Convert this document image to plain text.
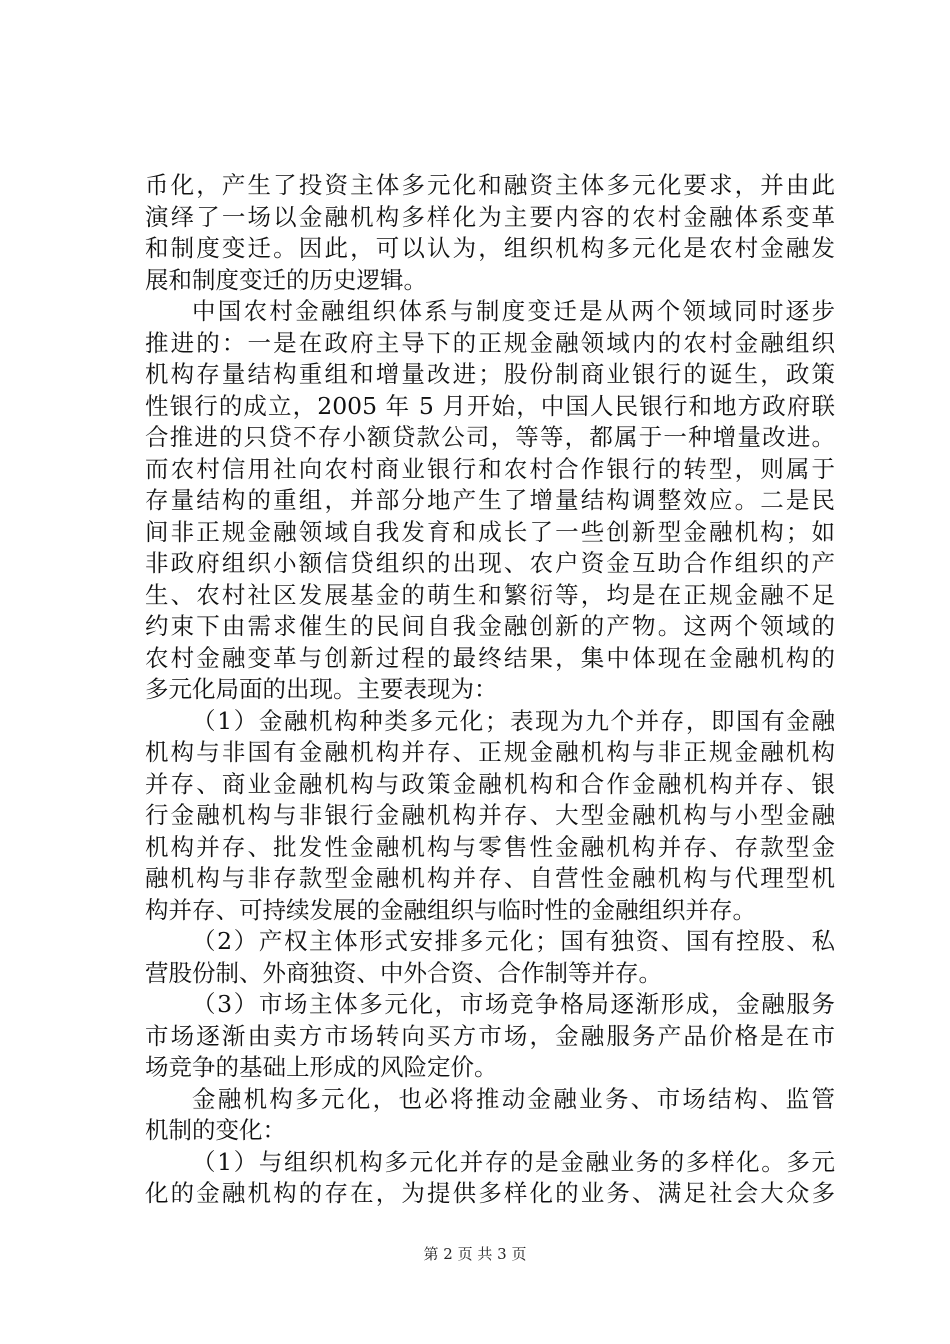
币化，产生了投资主体多元化和融资主体多元化要求，并由此
演绎了一场以金融机构多样化为主要内容的农村金融体系变革
和制度变迁。因此，可以认为，组织机构多元化是农村金融发
展和制度变迁的历史逻辑。
中国农村金融组织体系与制度变迁是从两个领域同时逐步
推进的：一是在政府主导下的正规金融领域内的农村金融组织
机构存量结构重组和增量改进；股份制商业银行的诞生，政策
性银行的成立，2005 年 5 月开始，中国人民银行和地方政府联
合推进的只贷不存小额贷款公司，等等，都属于一种增量改进。
而农村信用社向农村商业银行和农村合作银行的转型，则属于
存量结构的重组，并部分地产生了增量结构调整效应。二是民
间非正规金融领域自我发育和成长了一些创新型金融机构；如
非政府组织小额信贷组织的出现、农户资金互助合作组织的产
生、农村社区发展基金的萌生和繁衍等，均是在正规金融不足
约束下由需求催生的民间自我金融创新的产物。这两个领域的
农村金融变革与创新过程的最终结果，集中体现在金融机构的
多元化局面的出现。主要表现为：
（1）金融机构种类多元化；表现为九个并存，即国有金融
机构与非国有金融机构并存、正规金融机构与非正规金融机构
并存、商业金融机构与政策金融机构和合作金融机构并存、银
行金融机构与非银行金融机构并存、大型金融机构与小型金融
机构并存、批发性金融机构与零售性金融机构并存、存款型金
融机构与非存款型金融机构并存、自营性金融机构与代理型机
构并存、可持续发展的金融组织与临时性的金融组织并存。
（2）产权主体形式安排多元化；国有独资、国有控股、私
营股份制、外商独资、中外合资、合作制等并存。
（3）市场主体多元化，市场竞争格局逐渐形成，金融服务
市场逐渐由卖方市场转向买方市场，金融服务产品价格是在市
场竞争的基础上形成的风险定价。
金融机构多元化，也必将推动金融业务、市场结构、监管
机制的变化：
（1）与组织机构多元化并存的是金融业务的多样化。多元
化的金融机构的存在，为提供多样化的业务、满足社会大众多
第 2 页 共 3 页
